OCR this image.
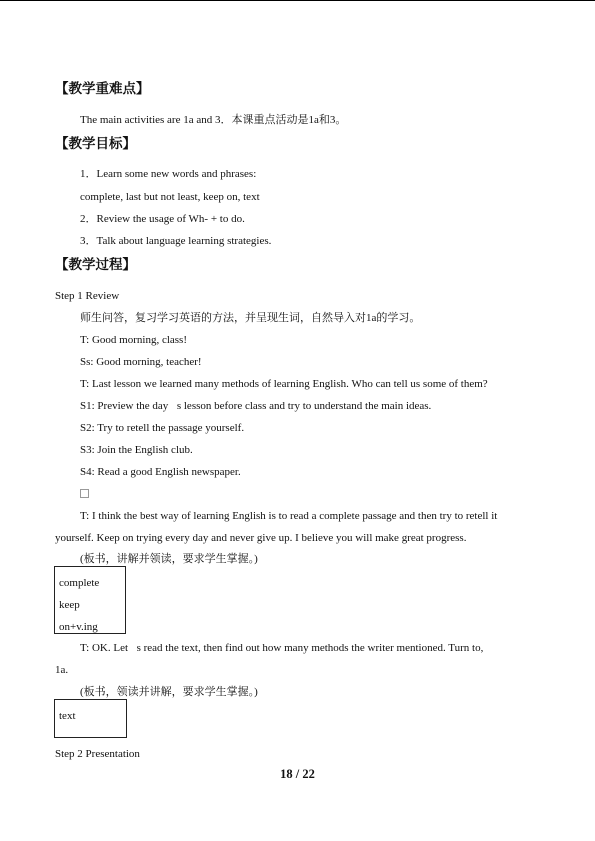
【教学重难点】
The main activities are 1a and 3．本课重点活动是1a和3。
【教学目标】
1．Learn some new words and phrases:
complete, last but not least, keep on, text
2．Review the usage of Wh- + to do.
3．Talk about language learning strategies.
【教学过程】
Step 1 Review
师生问答，复习学习英语的方法，并呈现生词，自然导入对1a的学习。
T: Good morning, class!
Ss: Good morning, teacher!
T: Last lesson we learned many methods of learning English. Who can tell us some of them?
S1: Preview the day s lesson before class and try to understand the main ideas.
S2: Try to retell the passage yourself.
S3: Join the English club.
S4: Read a good English newspaper.
T: I think the best way of learning English is to read a complete passage and then try to retell it
yourself. Keep on trying every day and never give up. I believe you will make great progress.
(板书，讲解并领读，要求学生掌握。)
complete
keep
on+v.ing
T: OK. Let s read the text, then find out how many methods the writer mentioned. Turn to,
1a.
(板书，领读并讲解，要求学生掌握。)
text
Step 2 Presentation
18 / 22
